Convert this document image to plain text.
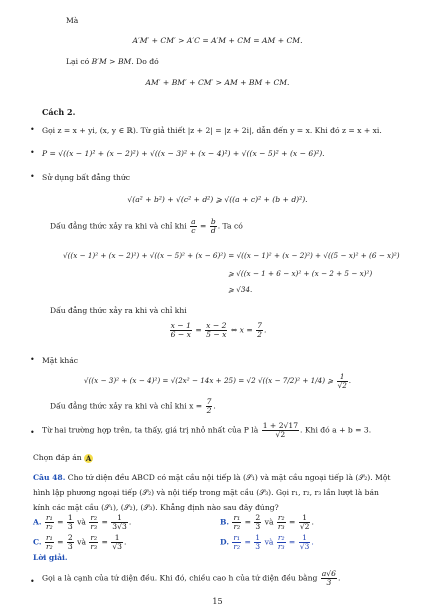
Mà
A′M′ + CM′ > A′C = A′M + CM = AM + CM.
Lại có B′M > BM. Do đó
AM′ + BM′ + CM′ > AM + BM + CM.
Cách 2.
• Gọi z = x + yi, (x, y ∈ ℝ). Từ giả thiết |z + 2| = |z + 2i|, dẫn đến y = x. Khi đó z = x + xi.
• P = √((x − 1)² + (x − 2)²) + √((x − 3)² + (x − 4)²) + √((x − 5)² + (x − 6)²).
• Sử dụng bất đẳng thức
√(a² + b²) + √(c² + d²) ⩾ √((a + c)² + (b + d)²).
Dấu đẳng thức xảy ra khi và chỉ khi $\frac{a}{c} = \frac{b}{d}$ . Ta có
√((x − 1)² + (x − 2)²) + √((x − 5)² + (x − 6)²) = √((x − 1)² + (x − 2)²) + √((5 − x)² + (6 − x)²)
⩾ √((x − 1 + 6 − x)² + (x − 2 + 5 − x)²)
⩾ √34.
Dấu đẳng thức xảy ra khi và chỉ khi
$\frac{x - 1}{6 - x} = \frac{x - 2}{5 - x}$ ⇔ $x = \frac{7}{2}$ .
• Mặt khác
√((x − 3)² + (x − 4)²) = √(2x² − 14x + 25) = √2 √((x − 7/2)² + 1/4) ⩾ $\frac{1}{√2}$ .
Dấu đẳng thức xảy ra khi và chỉ khi $x = \frac{7}{2}$ .
• Từ hai trường hợp trên, ta thấy, giá trị nhỏ nhất của P là $\frac{1 + 2√17}{√2}$ . Khi đó a + b = 3.
Chọn đáp án A
Câu 48. Cho tứ diện đều ABCD có mặt cầu nội tiếp là (𝒮₁) và mặt cầu ngoại tiếp là (𝒮₂). Một
hình lập phương ngoại tiếp (𝒮₂) và nội tiếp trong mặt cầu (𝒮₃). Gọi r₁, r₂, r₃ lần lượt là bán
kính các mặt cầu (𝒮₁), (𝒮₂), (𝒮₃). Khẳng định nào sau đây đúng?
A. $\frac{\text{r₁}}{\text{r₂}} = \frac{1}{3}$ và $\frac{\text{r₂}}{\text{r₃}} = \frac{1}{3√3}$ .	B. $\frac{\text{r₁}}{\text{r₂}} = \frac{2}{3}$ và $\frac{\text{r₂}}{\text{r₃}} = \frac{1}{√2}$ .
C. $\frac{\text{r₁}}{\text{r₂}} = \frac{2}{3}$ và $\frac{\text{r₂}}{\text{r₃}} = \frac{1}{√3}$ .	D. $\frac{\text{r₁}}{\text{r₂}} = \frac{1}{3}$ và $\frac{\text{r₂}}{\text{r₃}} = \frac{1}{√3}$ .
Lời giải.
• Gọi a là cạnh của tứ diện đều. Khi đó, chiều cao h của tứ diện đều bằng $\frac{a√6}{3}$ .
15
